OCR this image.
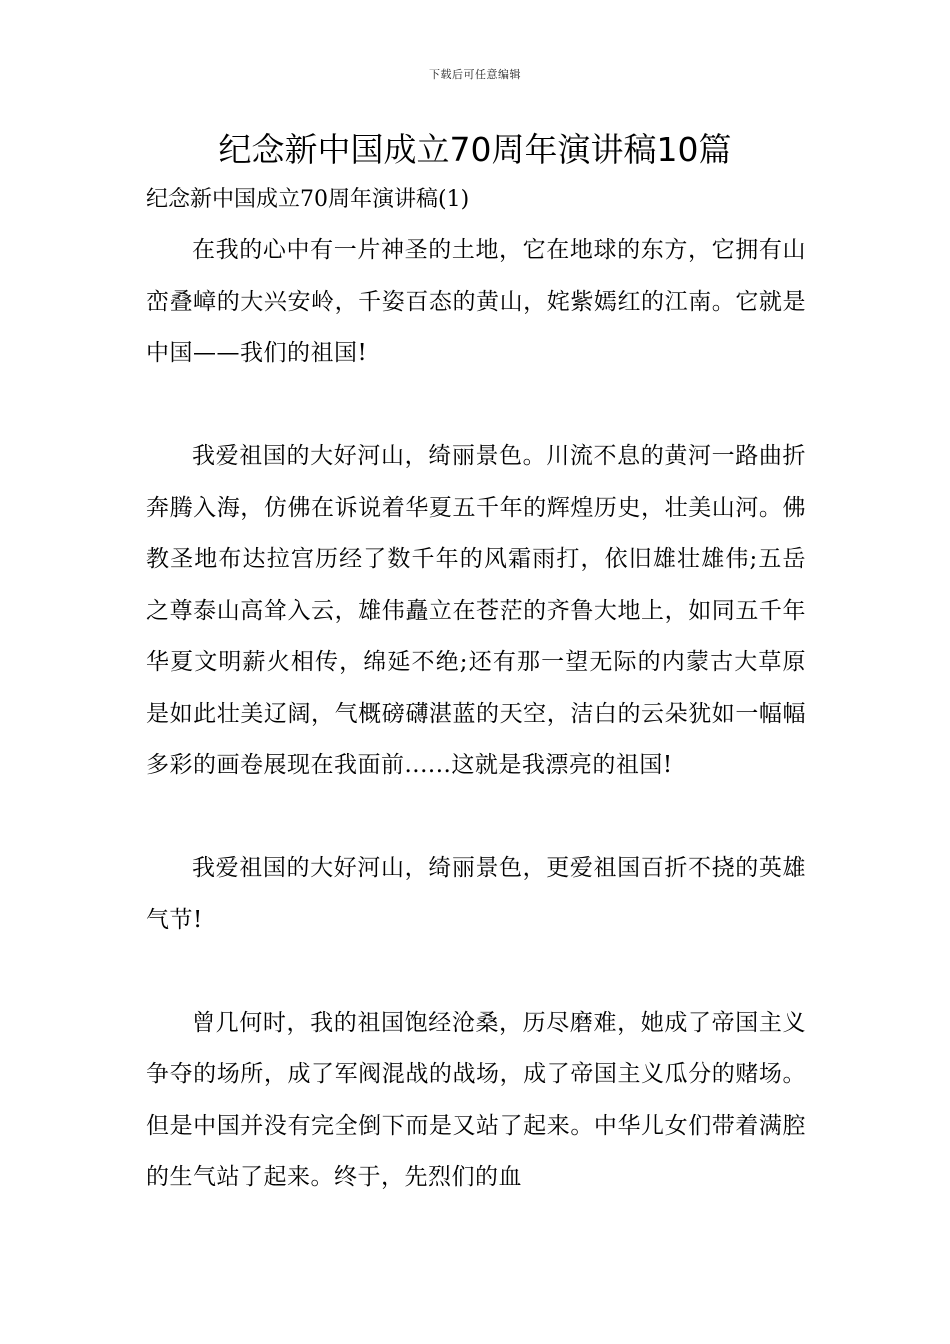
下载后可任意编辑
纪念新中国成立70周年演讲稿10篇

纪念新中国成立70周年演讲稿(1)

在我的心中有一片神圣的土地，它在地球的东方，它拥有山峦叠嶂的大兴安岭，千姿百态的黄山，姹紫嫣红的江南。它就是中国——我们的祖国!

我爱祖国的大好河山，绮丽景色。川流不息的黄河一路曲折奔腾入海，仿佛在诉说着华夏五千年的辉煌历史，壮美山河。佛教圣地布达拉宫历经了数千年的风霜雨打，依旧雄壮雄伟;五岳之尊泰山高耸入云，雄伟矗立在苍茫的齐鲁大地上，如同五千年华夏文明薪火相传，绵延不绝;还有那一望无际的内蒙古大草原是如此壮美辽阔，气概磅礴湛蓝的天空，洁白的云朵犹如一幅幅多彩的画卷展现在我面前......这就是我漂亮的祖国!

我爱祖国的大好河山，绮丽景色，更爱祖国百折不挠的英雄气节!

曾几何时，我的祖国饱经沧桑，历尽磨难，她成了帝国主义争夺的场所，成了军阀混战的战场，成了帝国主义瓜分的赌场。但是中国并没有完全倒下而是又站了起来。中华儿女们带着满腔的生气站了起来。终于，先烈们的血
